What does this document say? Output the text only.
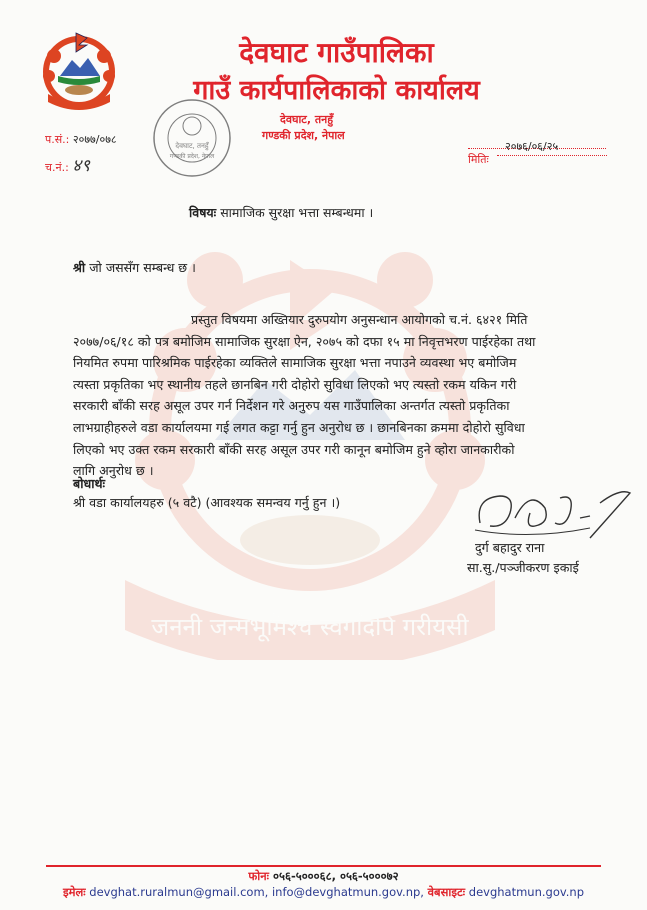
जननी जन्मभूमिश्च स्वर्गादपि गरीयसी
देवघाट गाउँपालिका
गाउँ कार्यपालिकाको कार्यालय
देवघाट, तनहुँ
गण्डकी प्रदेश, नेपाल
प.सं.: २०७७/०७८
च.नं.: ४९
२०७६/०६/२५
मितिः
देवघाट, तनहुँ
गण्डकी प्रदेश, नेपाल
विषयः सामाजिक सुरक्षा भत्ता सम्बन्धमा ।
श्री जो जससँग सम्बन्ध छ ।
प्रस्तुत विषयमा अख्तियार दुरुपयोग अनुसन्धान आयोगको च.नं. ६४२१ मिति
२०७७/०६/१८ को पत्र बमोजिम सामाजिक सुरक्षा ऐन, २०७५ को दफा १५ मा निवृत्तभरण पाईरहेका तथा
नियमित रुपमा पारिश्रमिक पाईरहेका व्यक्तिले सामाजिक सुरक्षा भत्ता नपाउने व्यवस्था भए बमोजिम
त्यस्ता प्रकृतिका भए स्थानीय तहले छानबिन गरी दोहोरो सुविधा लिएको भए त्यस्तो रकम यकिन गरी
सरकारी बाँकी सरह असूल उपर गर्न निर्देशन गरे अनुरुप यस गाउँपालिका अन्तर्गत त्यस्तो प्रकृतिका
लाभग्राहीहरुले वडा कार्यालयमा गई लगत कट्टा गर्नु हुन अनुरोध छ । छानबिनका क्रममा दोहोरो सुविधा
लिएको भए उक्त रकम सरकारी बाँकी सरह असूल उपर गरी कानून बमोजिम हुने व्होरा जानकारीको
लागि अनुरोध छ ।
बोधार्थः
श्री वडा कार्यालयहरु (५ वटै) (आवश्यक समन्वय गर्नु हुन ।)
दुर्ग बहादुर राना
सा.सु./पञ्जीकरण इकाई
फोनः ०५६-५०००६८, ०५६-५०००७२
इमेलः devghat.ruralmun@gmail.com, info@devghatmun.gov.np, वेबसाइटः devghatmun.gov.np
